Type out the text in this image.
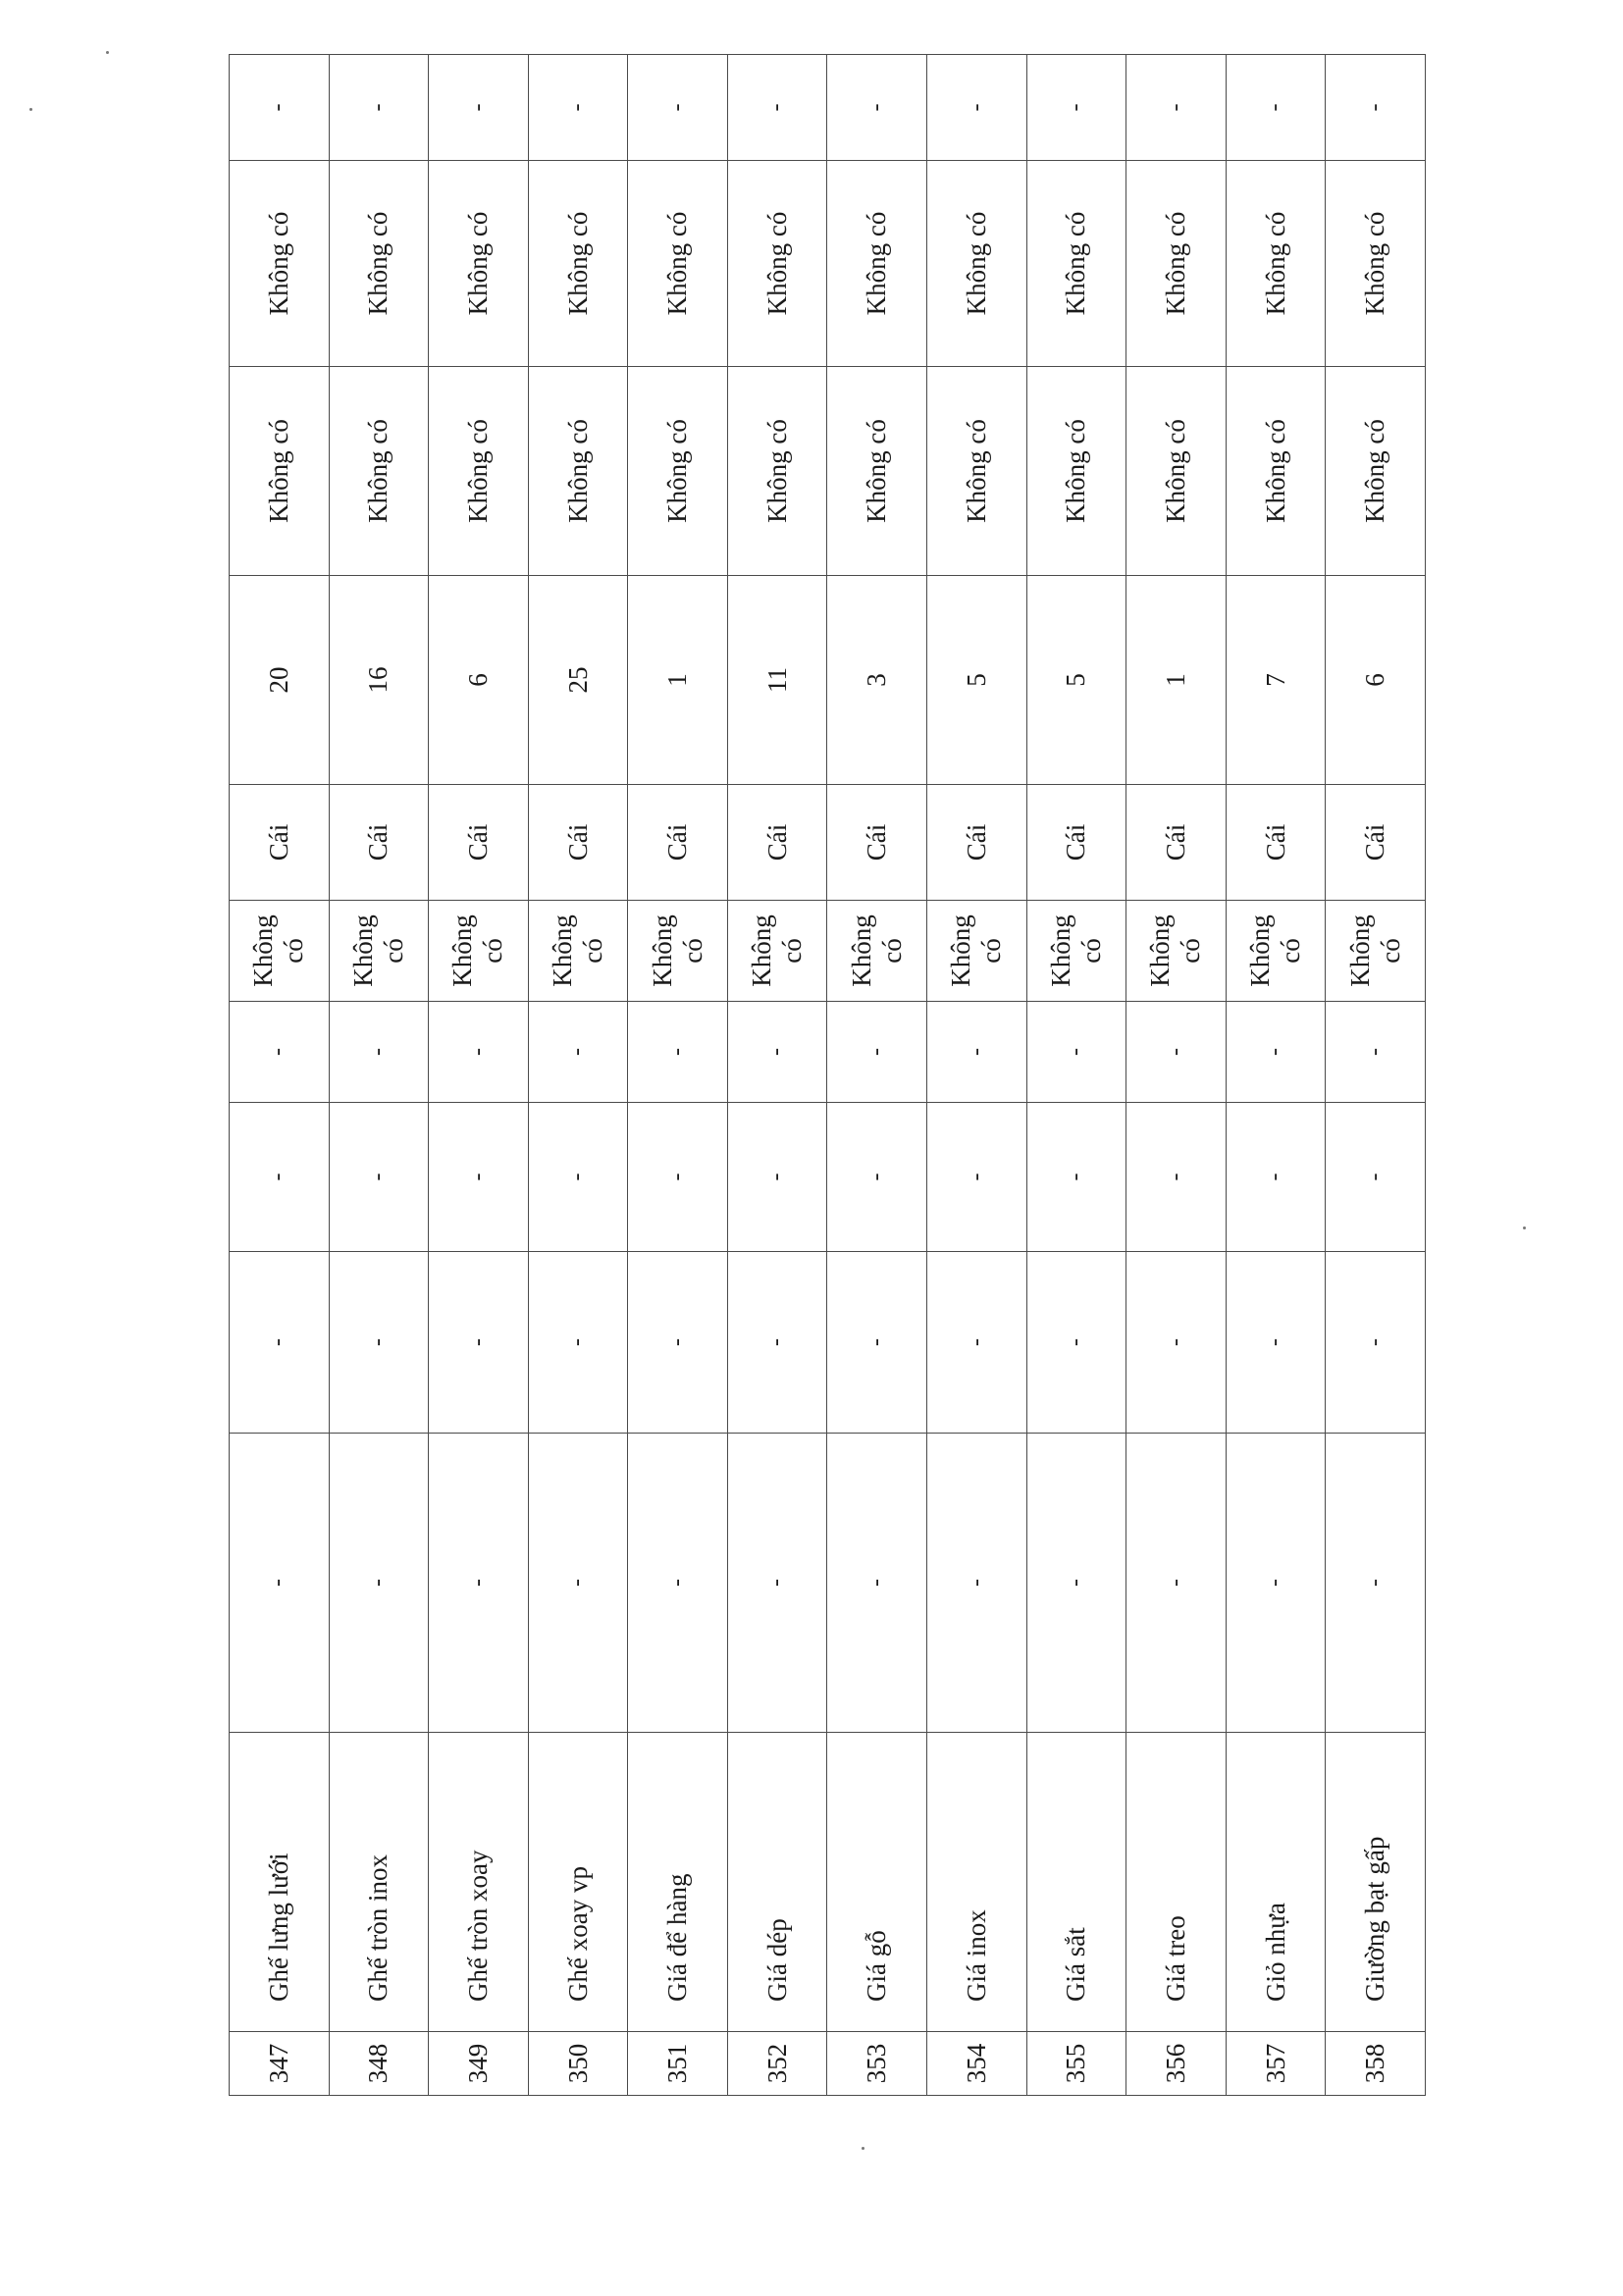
347	Ghế lưng lưới	-	-	-	-	Không có	Cái	20	Không có	Không có	-
348	Ghế tròn inox	-	-	-	-	Không có	Cái	16	Không có	Không có	-
349	Ghế tròn xoay	-	-	-	-	Không có	Cái	6	Không có	Không có	-
350	Ghế xoay vp	-	-	-	-	Không có	Cái	25	Không có	Không có	-
351	Giá để hàng	-	-	-	-	Không có	Cái	1	Không có	Không có	-
352	Giá dép	-	-	-	-	Không có	Cái	11	Không có	Không có	-
353	Giá gỗ	-	-	-	-	Không có	Cái	3	Không có	Không có	-
354	Giá inox	-	-	-	-	Không có	Cái	5	Không có	Không có	-
355	Giá sắt	-	-	-	-	Không có	Cái	5	Không có	Không có	-
356	Giá treo	-	-	-	-	Không có	Cái	1	Không có	Không có	-
357	Giỏ nhựa	-	-	-	-	Không có	Cái	7	Không có	Không có	-
358	Giường bạt gấp	-	-	-	-	Không có	Cái	6	Không có	Không có	-
